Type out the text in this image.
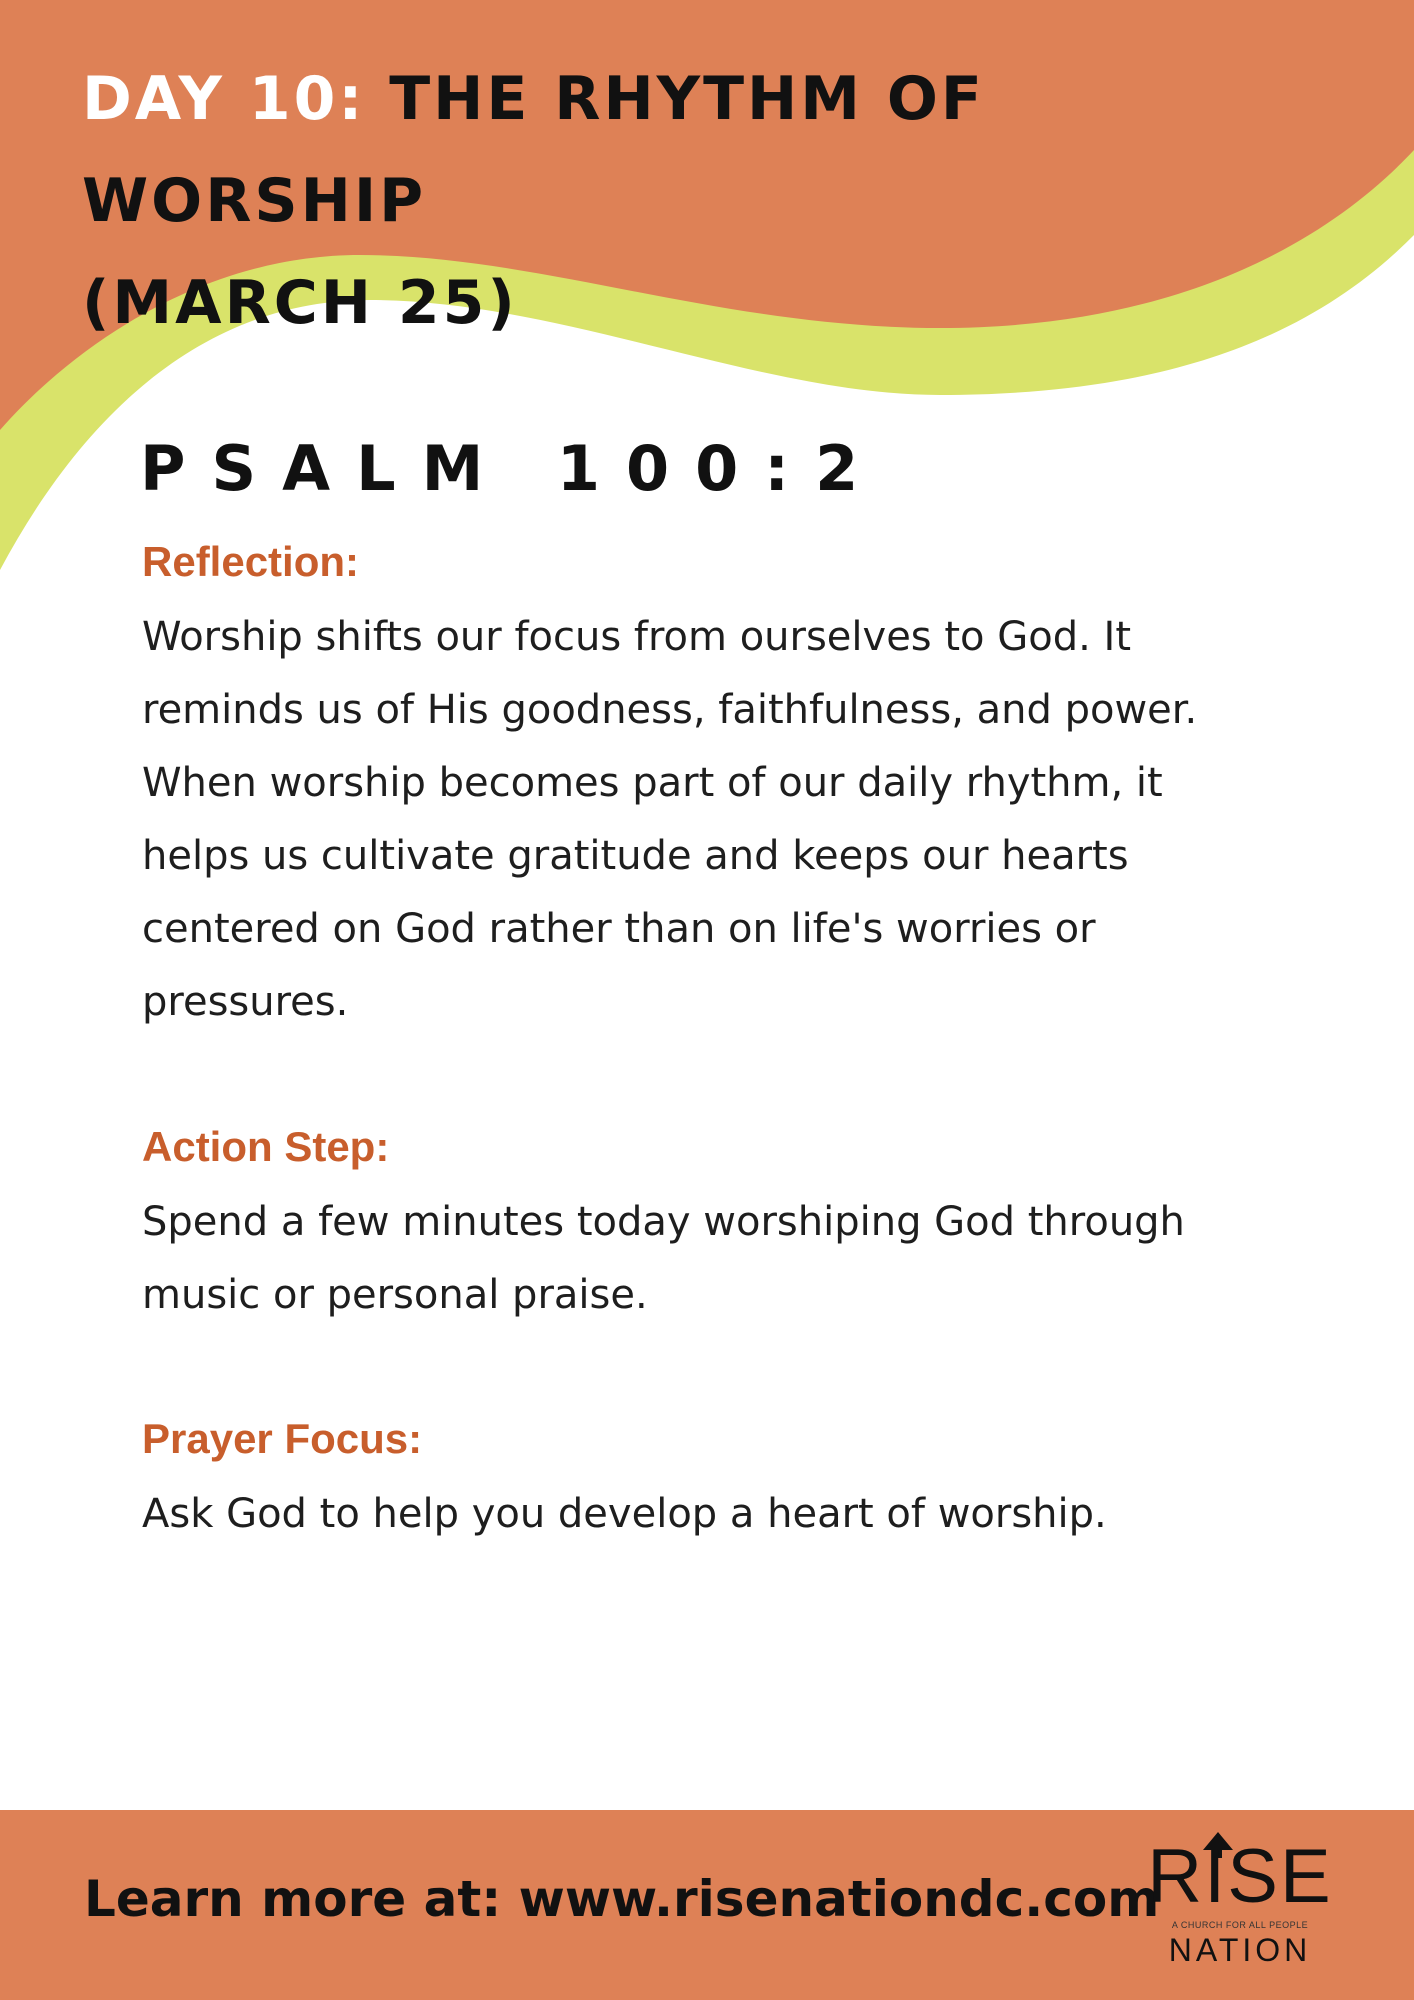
DAY 10: THE RHYTHM OF WORSHIP
(MARCH 25)
PSALM 100:2
Reflection:

Worship shifts our focus from ourselves to God. It reminds us of His goodness, faithfulness, and power. When worship becomes part of our daily rhythm, it helps us cultivate gratitude and keeps our hearts centered on God rather than on life's worries or pressures.

Action Step:

Spend a few minutes today worshiping God through music or personal praise.

Prayer Focus:

Ask God to help you develop a heart of worship.

Learn more at: www.risenationdc.com
RISE
A CHURCH FOR ALL PEOPLE
NATION
